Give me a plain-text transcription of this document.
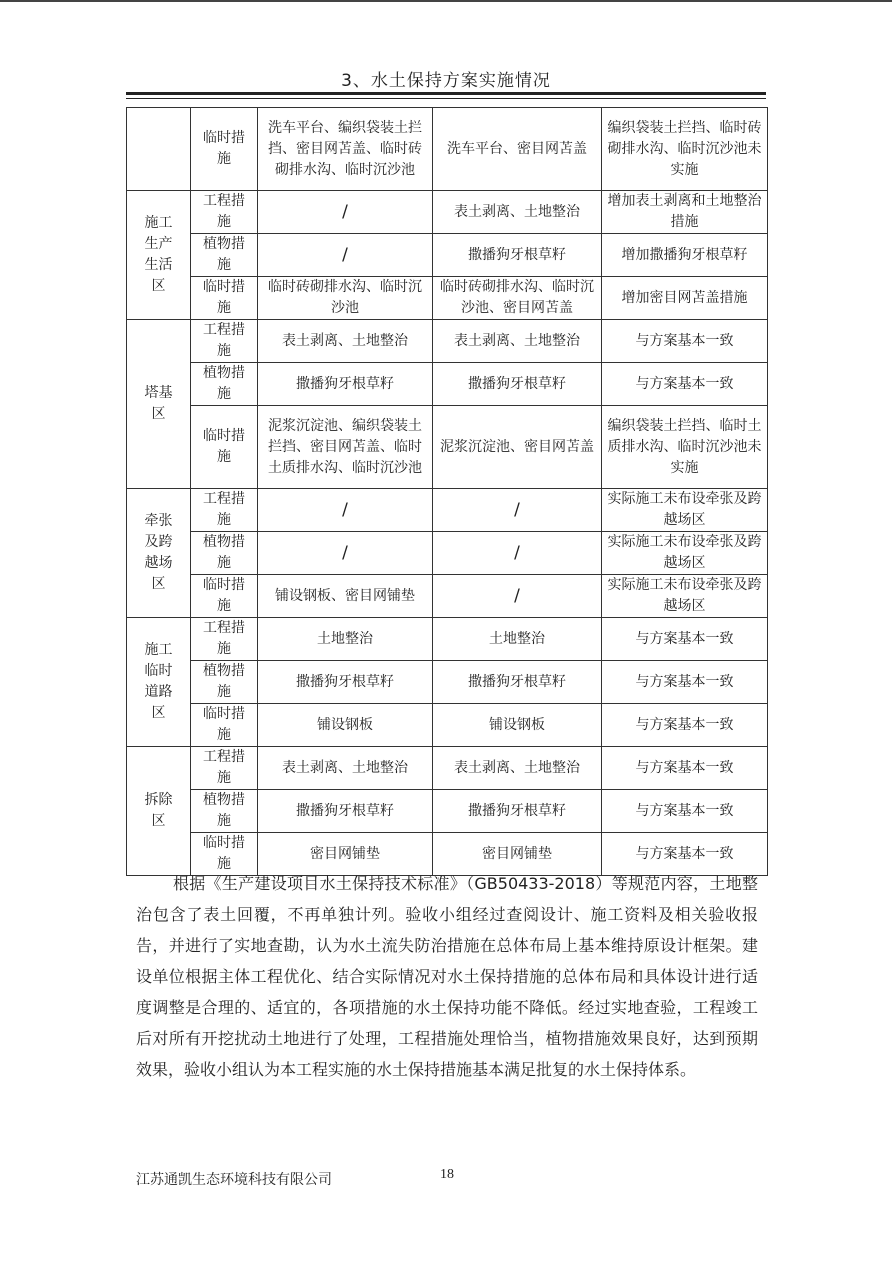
3、水土保持方案实施情况
	临时措施	洗车平台、编织袋装土拦挡、密目网苫盖、临时砖砌排水沟、临时沉沙池	洗车平台、密目网苫盖	编织袋装土拦挡、临时砖砌排水沟、临时沉沙池未实施
施工生产生活区	工程措施	/	表土剥离、土地整治	增加表土剥离和土地整治措施
	植物措施	/	撒播狗牙根草籽	增加撒播狗牙根草籽
	临时措施	临时砖砌排水沟、临时沉沙池	临时砖砌排水沟、临时沉沙池、密目网苫盖	增加密目网苫盖措施
塔基区	工程措施	表土剥离、土地整治	表土剥离、土地整治	与方案基本一致
	植物措施	撒播狗牙根草籽	撒播狗牙根草籽	与方案基本一致
	临时措施	泥浆沉淀池、编织袋装土拦挡、密目网苫盖、临时土质排水沟、临时沉沙池	泥浆沉淀池、密目网苫盖	编织袋装土拦挡、临时土质排水沟、临时沉沙池未实施
牵张及跨越场区	工程措施	/	/	实际施工未布设牵张及跨越场区
	植物措施	/	/	实际施工未布设牵张及跨越场区
	临时措施	铺设钢板、密目网铺垫	/	实际施工未布设牵张及跨越场区
施工临时道路区	工程措施	土地整治	土地整治	与方案基本一致
	植物措施	撒播狗牙根草籽	撒播狗牙根草籽	与方案基本一致
	临时措施	铺设钢板	铺设钢板	与方案基本一致
拆除区	工程措施	表土剥离、土地整治	表土剥离、土地整治	与方案基本一致
	植物措施	撒播狗牙根草籽	撒播狗牙根草籽	与方案基本一致
	临时措施	密目网铺垫	密目网铺垫	与方案基本一致

根据《生产建设项目水土保持技术标准》（GB50433-2018）等规范内容，土地整治包含了表土回覆，不再单独计列。验收小组经过查阅设计、施工资料及相关验收报告，并进行了实地查勘，认为水土流失防治措施在总体布局上基本维持原设计框架。建设单位根据主体工程优化、结合实际情况对水土保持措施的总体布局和具体设计进行适度调整是合理的、适宜的，各项措施的水土保持功能不降低。经过实地查验，工程竣工后对所有开挖扰动土地进行了处理，工程措施处理恰当，植物措施效果良好，达到预期效果，验收小组认为本工程实施的水土保持措施基本满足批复的水土保持体系。

江苏通凯生态环境科技有限公司	18
